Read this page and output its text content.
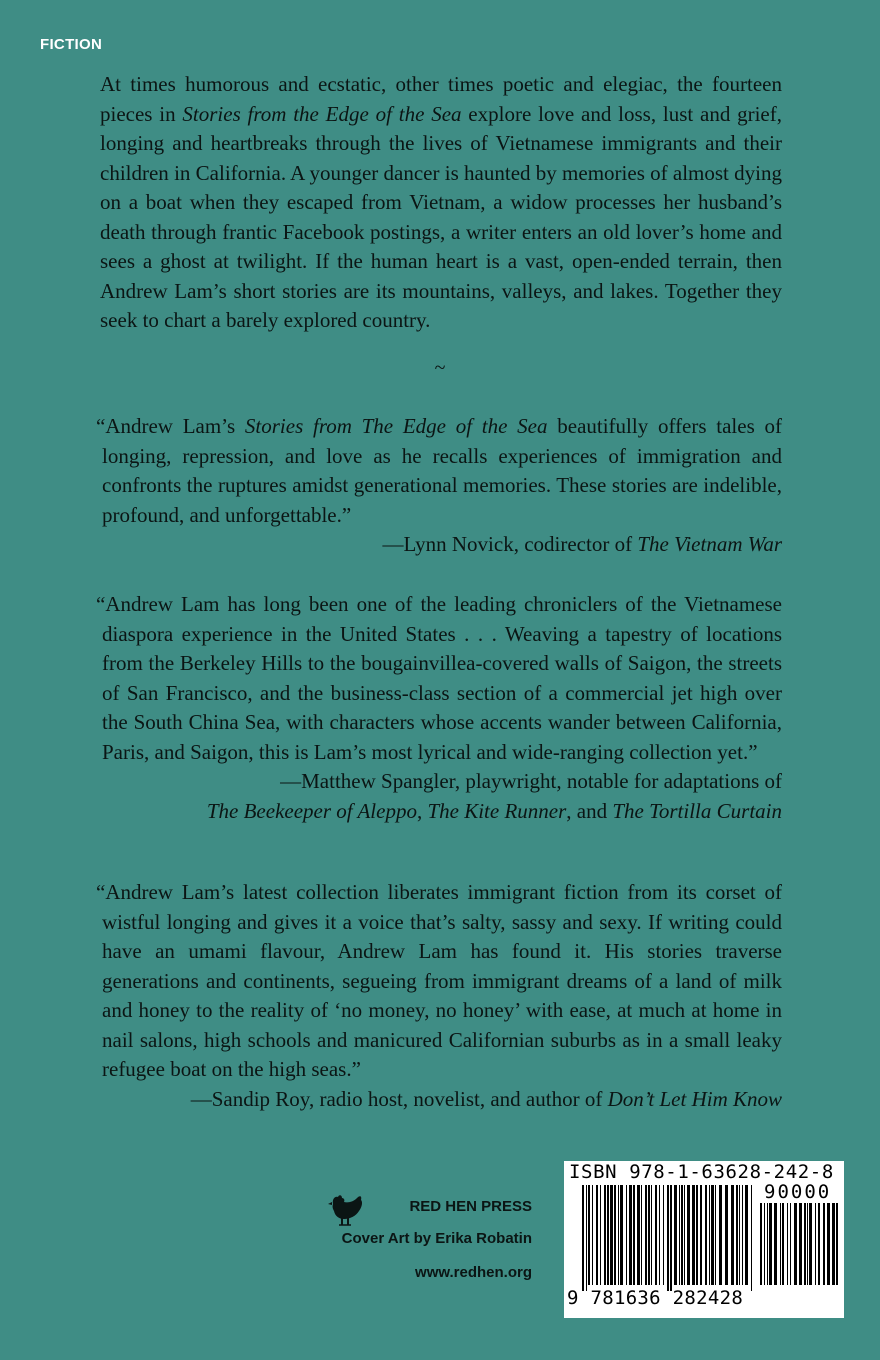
FICTION

At times humorous and ecstatic, other times poetic and elegiac, the fourteen pieces in Stories from the Edge of the Sea explore love and loss, lust and grief, longing and heartbreaks through the lives of Vietnamese immigrants and their children in California. A younger dancer is haunted by memories of almost dying on a boat when they escaped from Vietnam, a widow processes her husband’s death through frantic Facebook postings, a writer enters an old lover’s home and sees a ghost at twilight. If the human heart is a vast, open-ended terrain, then Andrew Lam’s short stories are its mountains, valleys, and lakes. Together they seek to chart a barely explored country.

~

“Andrew Lam’s Stories from The Edge of the Sea beautifully offers tales of longing, repression, and love as he recalls experiences of immigration and confronts the ruptures amidst generational memories. These stories are indelible, profound, and unforgettable.”

—Lynn Novick, codirector of The Vietnam War

“Andrew Lam has long been one of the leading chroniclers of the Vietnamese diaspora experience in the United States . . . Weaving a tapestry of locations from the Berkeley Hills to the bougainvillea-covered walls of Saigon, the streets of San Francisco, and the business-class section of a commercial jet high over the South China Sea, with characters whose accents wander between California, Paris, and Saigon, this is Lam’s most lyrical and wide-ranging collection yet.”

—Matthew Spangler, playwright, notable for adaptations of

The Beekeeper of Aleppo, The Kite Runner, and The Tortilla Curtain

“Andrew Lam’s latest collection liberates immigrant fiction from its corset of wistful longing and gives it a voice that’s salty, sassy and sexy. If writing could have an umami flavour, Andrew Lam has found it. His stories traverse generations and continents, segueing from immigrant dreams of a land of milk and honey to the reality of ‘no money, no honey’ with ease, at much at home in nail salons, high schools and manicured Californian suburbs as in a small leaky refugee boat on the high seas.”

—Sandip Roy, radio host, novelist, and author of Don’t Let Him Know

RED HEN PRESS
Cover Art by Erika Robatin
www.redhen.org
ISBN 978-1-63628-242-8
90000
9 781636 282428
